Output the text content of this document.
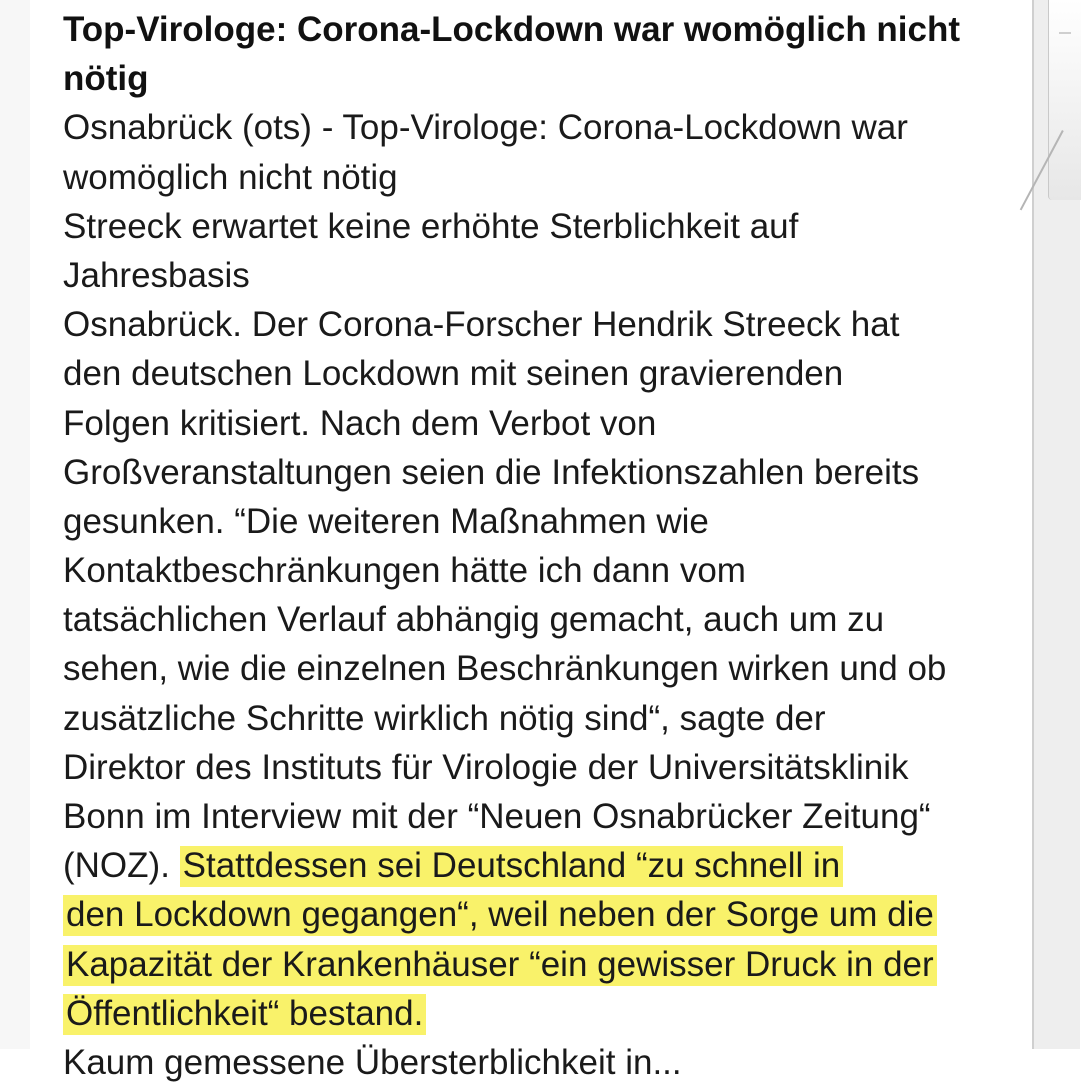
Top-Virologe: Corona-Lockdown war womöglich nicht
nötig
Osnabrück (ots) - Top-Virologe: Corona-Lockdown war
womöglich nicht nötig
Streeck erwartet keine erhöhte Sterblichkeit auf
Jahresbasis
Osnabrück. Der Corona-Forscher Hendrik Streeck hat
den deutschen Lockdown mit seinen gravierenden
Folgen kritisiert. Nach dem Verbot von
Großveranstaltungen seien die Infektionszahlen bereits
gesunken. “Die weiteren Maßnahmen wie
Kontaktbeschränkungen hätte ich dann vom
tatsächlichen Verlauf abhängig gemacht, auch um zu
sehen, wie die einzelnen Beschränkungen wirken und ob
zusätzliche Schritte wirklich nötig sind“, sagte der
Direktor des Instituts für Virologie der Universitätsklinik
Bonn im Interview mit der “Neuen Osnabrücker Zeitung“
(NOZ). Stattdessen sei Deutschland “zu schnell in
den Lockdown gegangen“, weil neben der Sorge um die
Kapazität der Krankenhäuser “ein gewisser Druck in der
Öffentlichkeit“ bestand.
Kaum gemessene Übersterblichkeit in...
